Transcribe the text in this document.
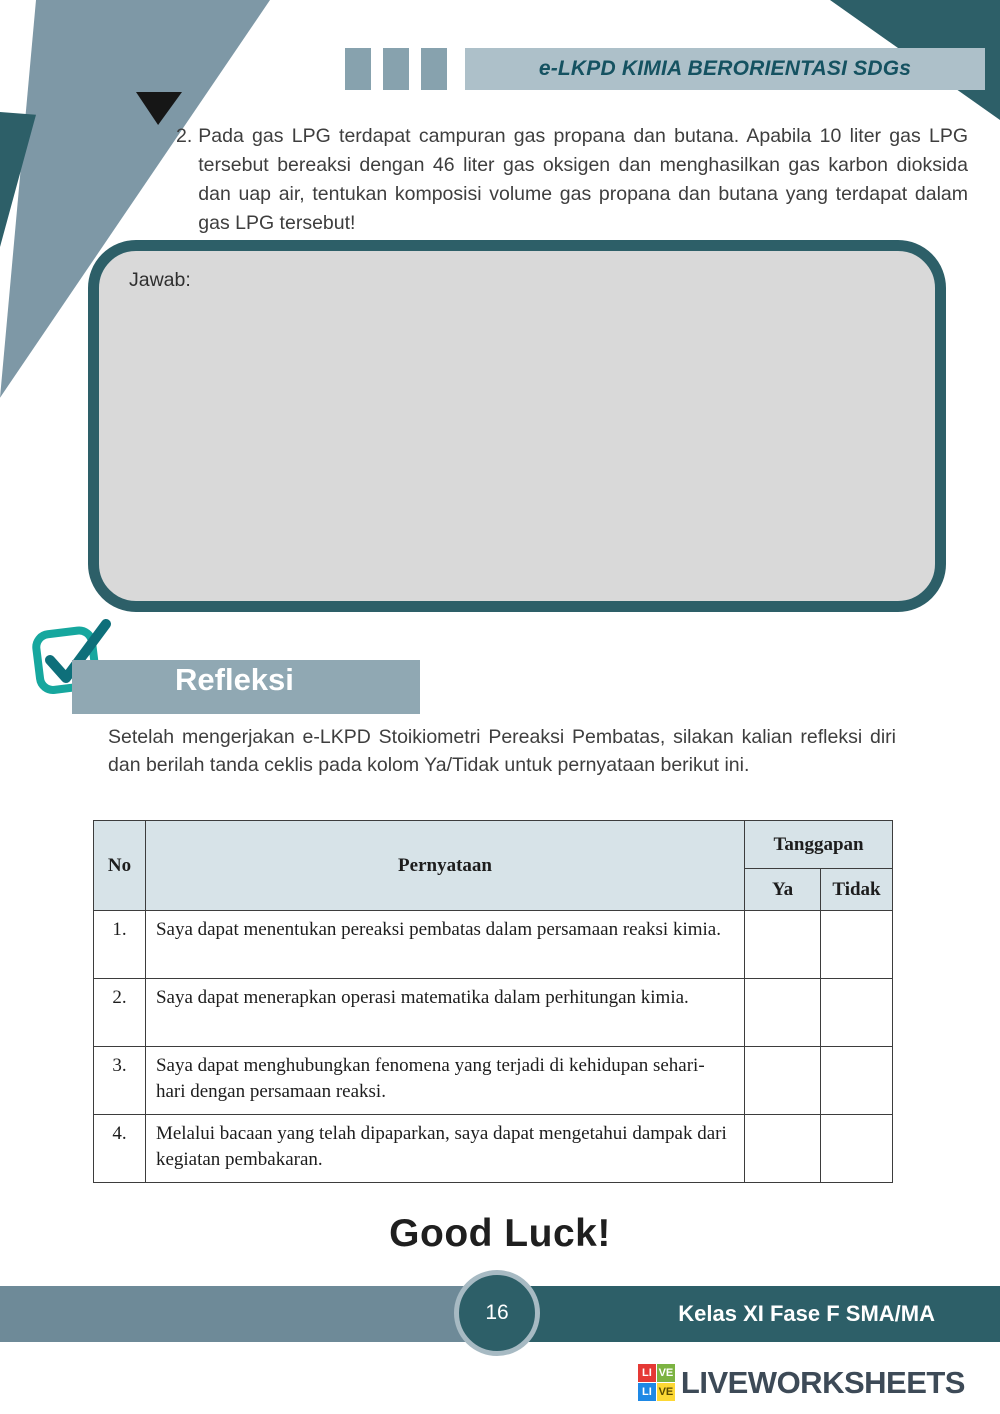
e-LKPD KIMIA BERORIENTASI SDGs
2. Pada gas LPG terdapat campuran gas propana dan butana. Apabila 10 liter gas LPG tersebut bereaksi dengan 46 liter gas oksigen dan menghasilkan gas karbon dioksida dan uap air, tentukan komposisi volume gas propana dan butana yang terdapat dalam gas LPG tersebut!
Jawab:
Refleksi

Setelah mengerjakan e-LKPD Stoikiometri Pereaksi Pembatas, silakan kalian refleksi diri dan berilah tanda ceklis pada kolom Ya/Tidak untuk pernyataan berikut ini.

No	Pernyataan	Tanggapan	
		Ya	Tidak
1.	Saya dapat menentukan pereaksi pembatas dalam persamaan reaksi kimia.		
2.	Saya dapat menerapkan operasi matematika dalam perhitungan kimia.		
3.	Saya dapat menghubungkan fenomena yang terjadi di kehidupan sehari-hari dengan persamaan reaksi.		
4.	Melalui bacaan yang telah dipaparkan, saya dapat mengetahui dampak dari kegiatan pembakaran.		
Good Luck!
16	Kelas XI Fase F SMA/MA
LI VE
LI VE LIVEWORKSHEETS
